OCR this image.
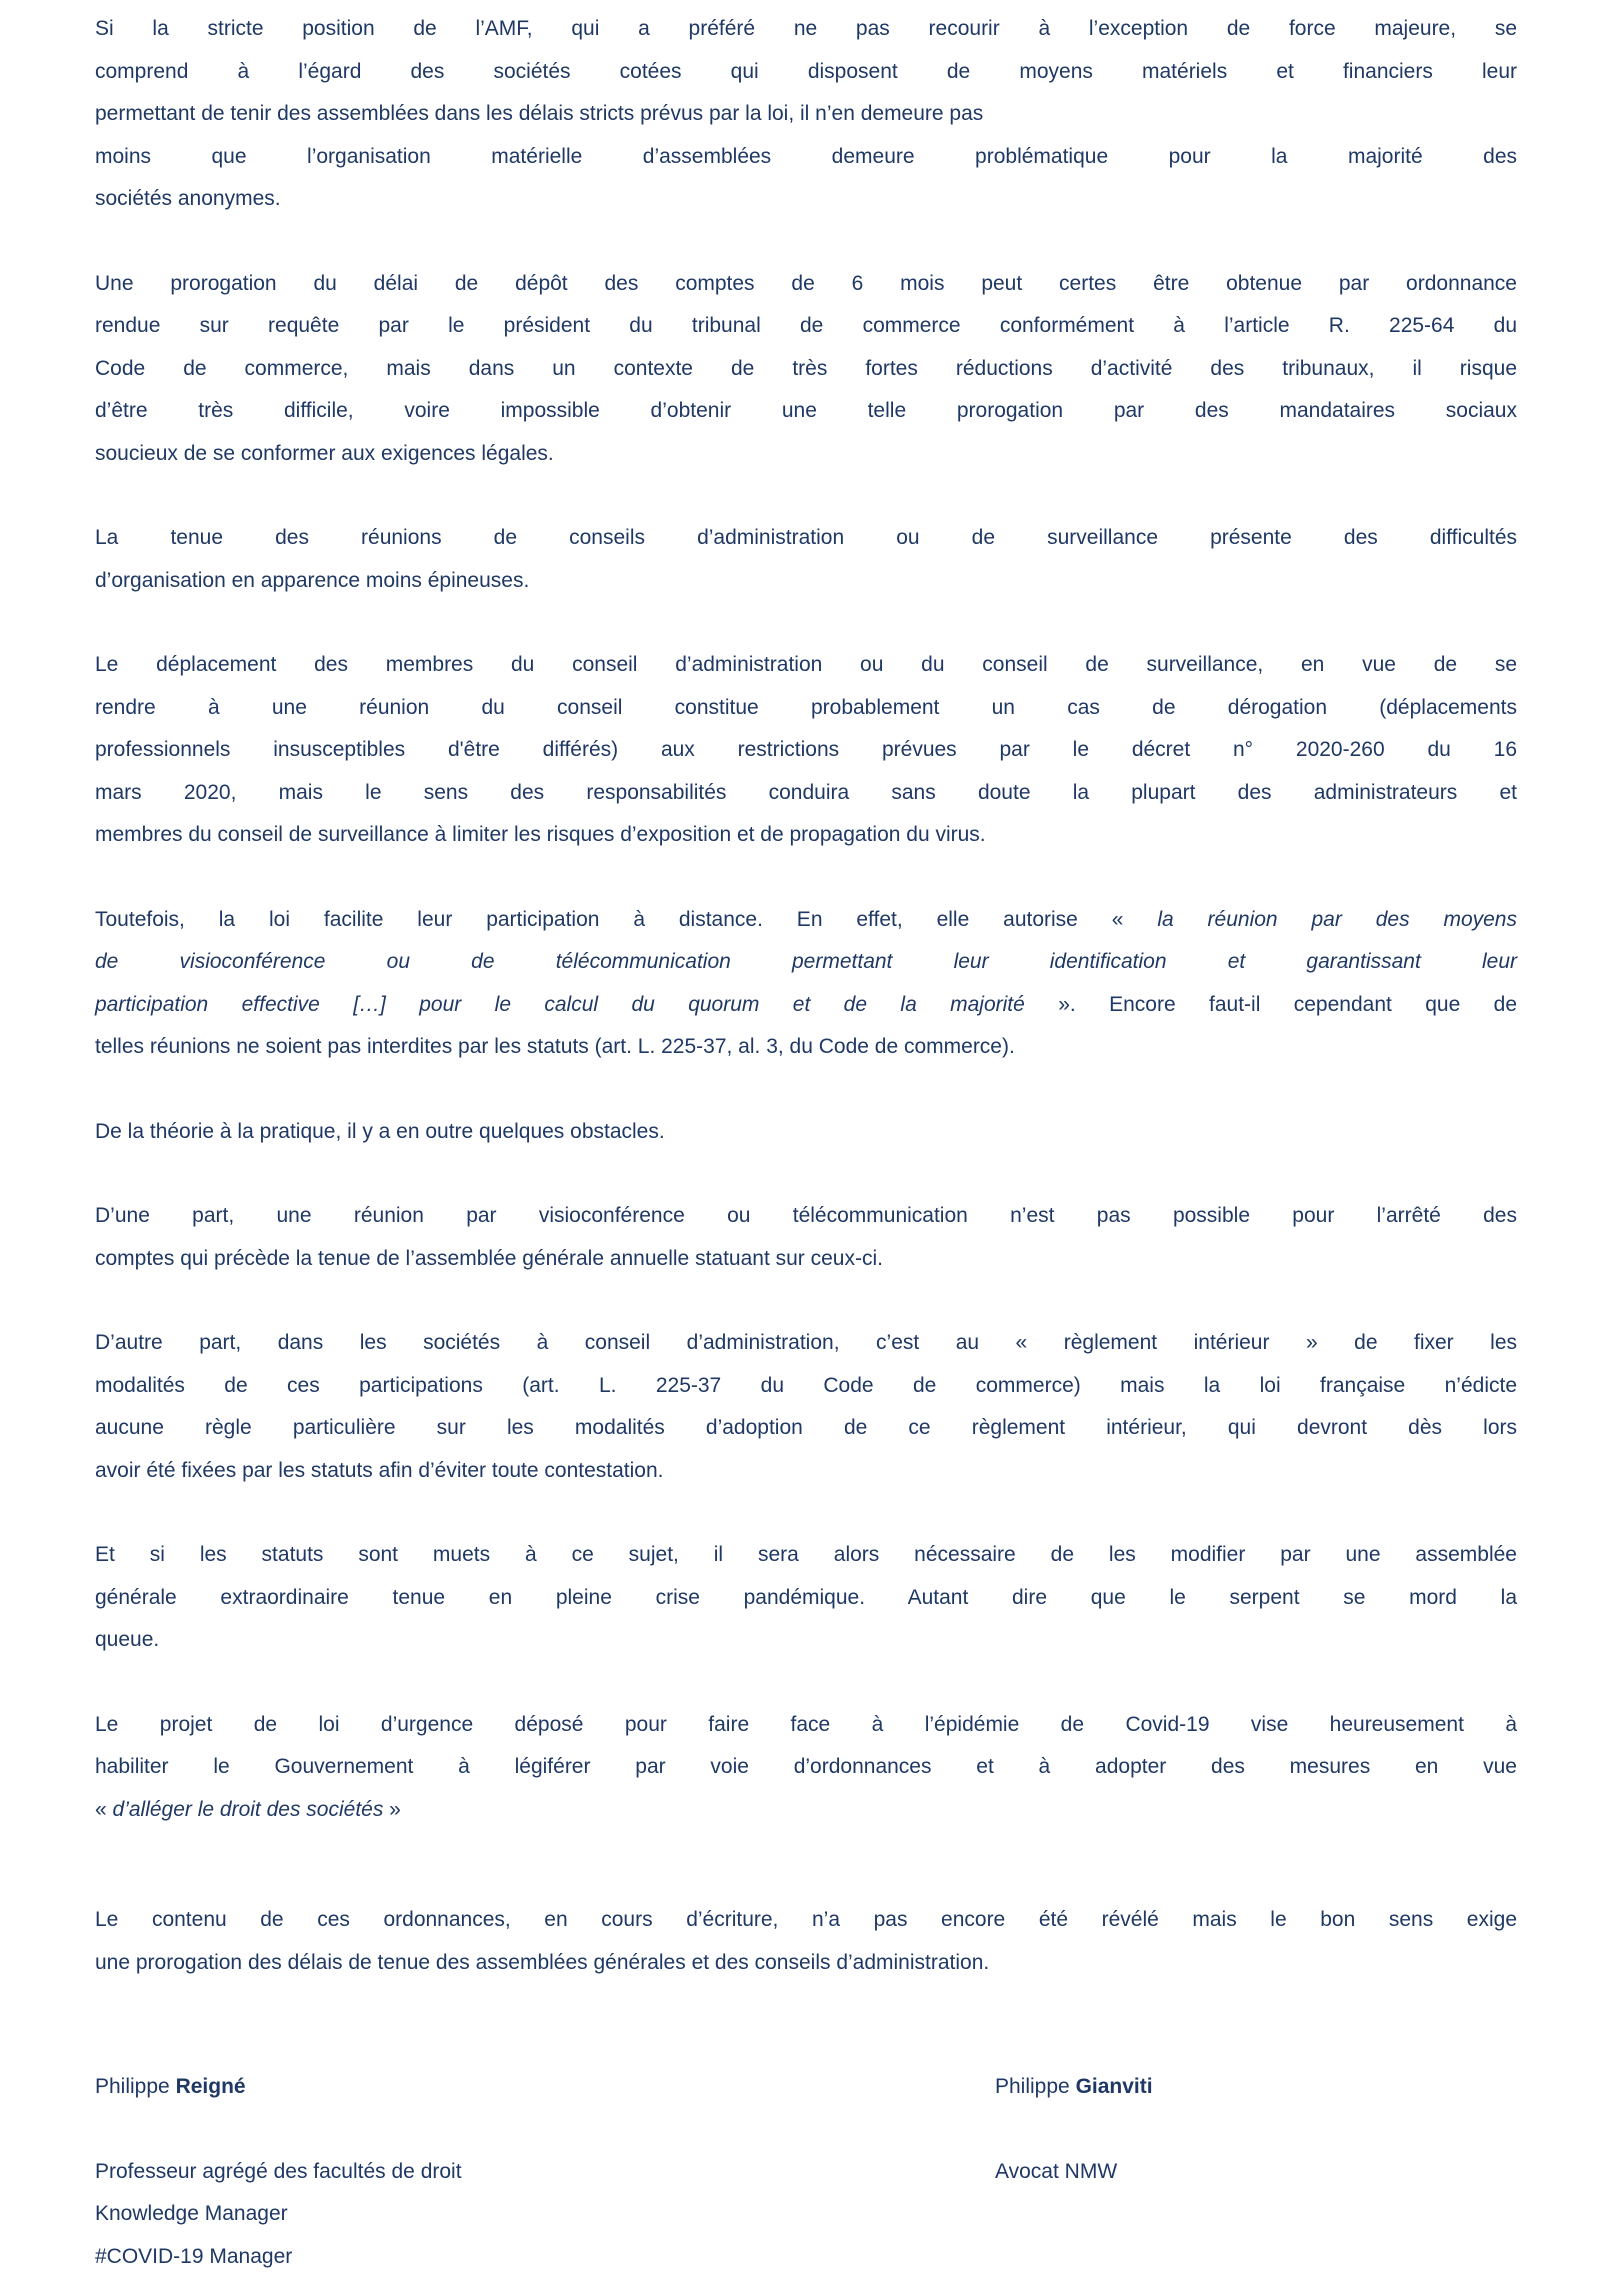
Si la stricte position de l’AMF, qui a préféré ne pas recourir à l’exception de force majeure, se
comprend à l’égard des sociétés cotées qui disposent de moyens matériels et financiers leur
permettant de tenir des assemblées dans les délais stricts prévus par la loi, il n’en demeure pas
moins que l’organisation matérielle d’assemblées demeure problématique pour la majorité des
sociétés anonymes.
Une prorogation du délai de dépôt des comptes de 6 mois peut certes être obtenue par ordonnance
rendue sur requête par le président du tribunal de commerce conformément à l’article R. 225-64 du
Code de commerce, mais dans un contexte de très fortes réductions d’activité des tribunaux, il risque
d’être très difficile, voire impossible d’obtenir une telle prorogation par des mandataires sociaux
soucieux de se conformer aux exigences légales.
La tenue des réunions de conseils d’administration ou de surveillance présente des difficultés
d’organisation en apparence moins épineuses.
Le déplacement des membres du conseil d’administration ou du conseil de surveillance, en vue de se
rendre à une réunion du conseil constitue probablement un cas de dérogation (déplacements
professionnels insusceptibles d'être différés) aux restrictions prévues par le décret n° 2020-260 du 16
mars 2020, mais le sens des responsabilités conduira sans doute la plupart des administrateurs et
membres du conseil de surveillance à limiter les risques d’exposition et de propagation du virus.
Toutefois, la loi facilite leur participation à distance. En effet, elle autorise « la réunion par des moyens
de visioconférence ou de télécommunication permettant leur identification et garantissant leur
participation effective […] pour le calcul du quorum et de la majorité ». Encore faut-il cependant que de
telles réunions ne soient pas interdites par les statuts (art. L. 225-37, al. 3, du Code de commerce).
De la théorie à la pratique, il y a en outre quelques obstacles.
D’une part, une réunion par visioconférence ou télécommunication n’est pas possible pour l’arrêté des
comptes qui précède la tenue de l’assemblée générale annuelle statuant sur ceux-ci.
D’autre part, dans les sociétés à conseil d’administration, c’est au « règlement intérieur » de fixer les
modalités de ces participations (art. L. 225-37 du Code de commerce) mais la loi française n’édicte
aucune règle particulière sur les modalités d’adoption de ce règlement intérieur, qui devront dès lors
avoir été fixées par les statuts afin d’éviter toute contestation.
Et si les statuts sont muets à ce sujet, il sera alors nécessaire de les modifier par une assemblée
générale extraordinaire tenue en pleine crise pandémique. Autant dire que le serpent se mord la
queue.
Le projet de loi d’urgence déposé pour faire face à l’épidémie de Covid-19 vise heureusement à
habiliter le Gouvernement à légiférer par voie d’ordonnances et à adopter des mesures en vue
« d’alléger le droit des sociétés »
Le contenu de ces ordonnances, en cours d’écriture, n’a pas encore été révélé mais le bon sens exige
une prorogation des délais de tenue des assemblées générales et des conseils d’administration.
Philippe Reigné
Professeur agrégé des facultés de droit
Knowledge Manager
#COVID-19 Manager
Philippe Gianviti
Avocat NMW
